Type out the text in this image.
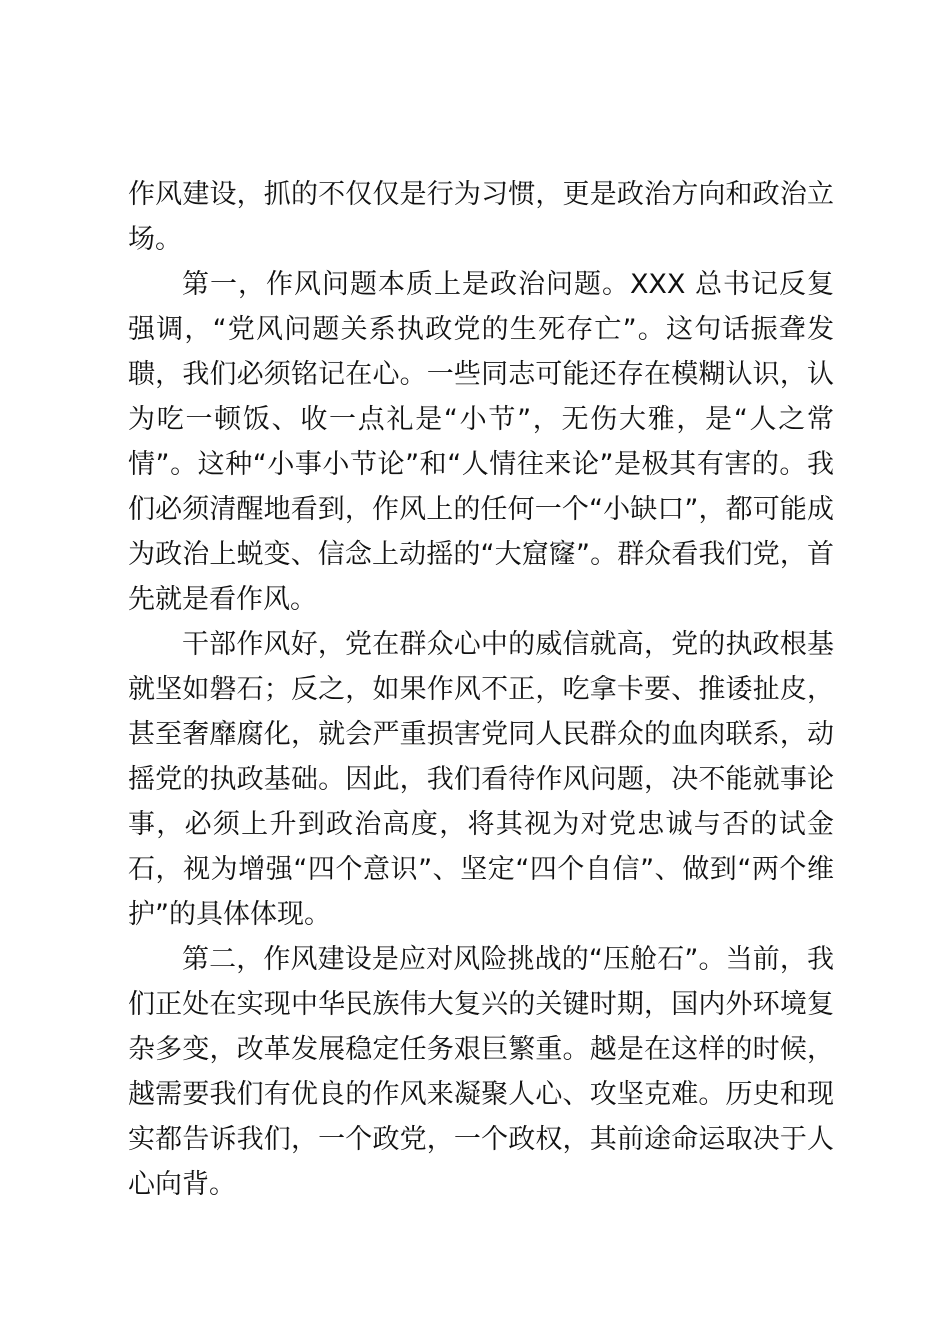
作风建设，抓的不仅仅是行为习惯，更是政治方向和政治立场。

第一，作风问题本质上是政治问题。XXX 总书记反复强调，“党风问题关系执政党的生死存亡”。这句话振聋发聩，我们必须铭记在心。一些同志可能还存在模糊认识，认为吃一顿饭、收一点礼是“小节”，无伤大雅，是“人之常情”。这种“小事小节论”和“人情往来论”是极其有害的。我们必须清醒地看到，作风上的任何一个“小缺口”，都可能成为政治上蜕变、信念上动摇的“大窟窿”。群众看我们党，首先就是看作风。

干部作风好，党在群众心中的威信就高，党的执政根基就坚如磐石；反之，如果作风不正，吃拿卡要、推诿扯皮，甚至奢靡腐化，就会严重损害党同人民群众的血肉联系，动摇党的执政基础。因此，我们看待作风问题，决不能就事论事，必须上升到政治高度，将其视为对党忠诚与否的试金石，视为增强“四个意识”、坚定“四个自信”、做到“两个维护”的具体体现。

第二，作风建设是应对风险挑战的“压舱石”。当前，我们正处在实现中华民族伟大复兴的关键时期，国内外环境复杂多变，改革发展稳定任务艰巨繁重。越是在这样的时候，越需要我们有优良的作风来凝聚人心、攻坚克难。历史和现实都告诉我们，一个政党，一个政权，其前途命运取决于人心向背。
